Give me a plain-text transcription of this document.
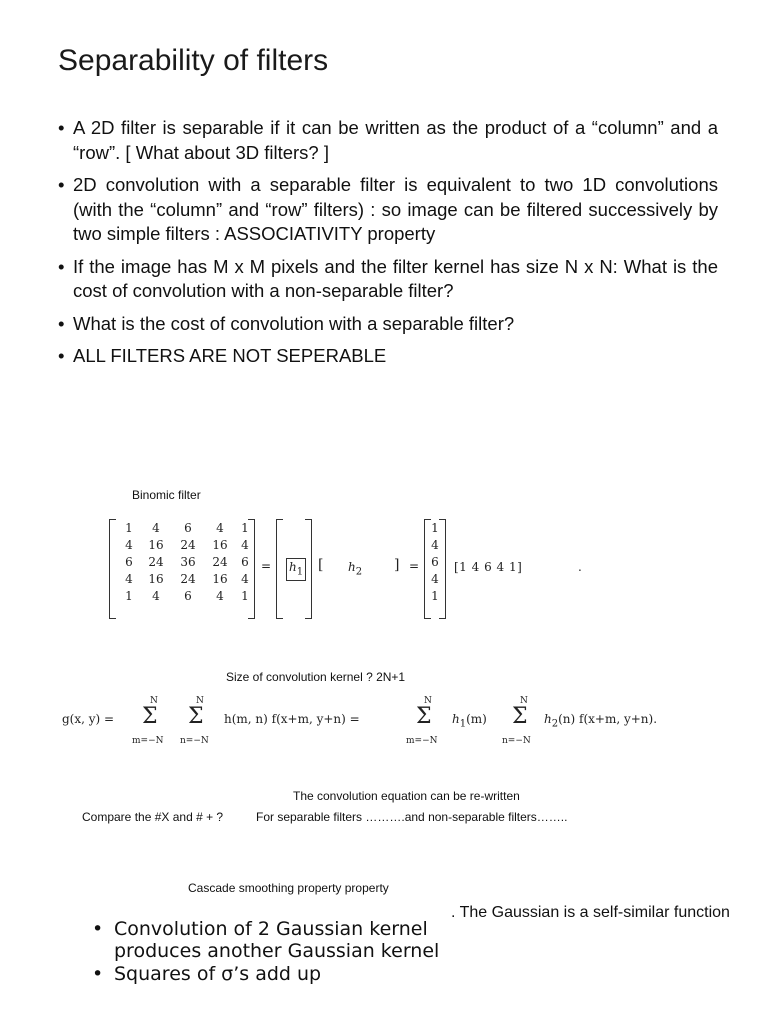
Separability of filters
• A 2D filter is separable if it can be written as the product of a “column” and a “row”. [ What about 3D filters? ]
• 2D convolution with a separable filter is equivalent to two 1D convolutions (with the “column” and “row” filters) : so image can be filtered successively by two simple filters : ASSOCIATIVITY property
• If the image has M x M pixels and the filter kernel has size N x N: What is the cost of convolution with a non-separable filter?
• What is the cost of convolution with a separable filter?
• ALL FILTERS ARE NOT SEPERABLE
Binomic filter
1	4	6	4	1
4	16	24	16	4
6	24	36	24	6
4	16	24	16	4
1	4	6	4	1
= $h_1$ [ $h_2$ ] =
1
4
6
4
1
[1 4 6 4 1]	.
Size of convolution kernel ? 2N+1
g(x, y) =
N
Σ
m=−N
N
Σ
n=−N
h(m, n) f(x+m, y+n) =
N
Σ
m=−N
$h_1(m)$
N
Σ
n=−N
$h_2(n)$ f(x+m, y+n).
The convolution equation can be re-written
Compare the #X and # + ?	For separable filters ……….and non-separable filters……..
Cascade smoothing property property
. The Gaussian is a self-similar function
• Convolution of 2 Gaussian kernel produces another Gaussian kernel
• Squares of σ’s add up
